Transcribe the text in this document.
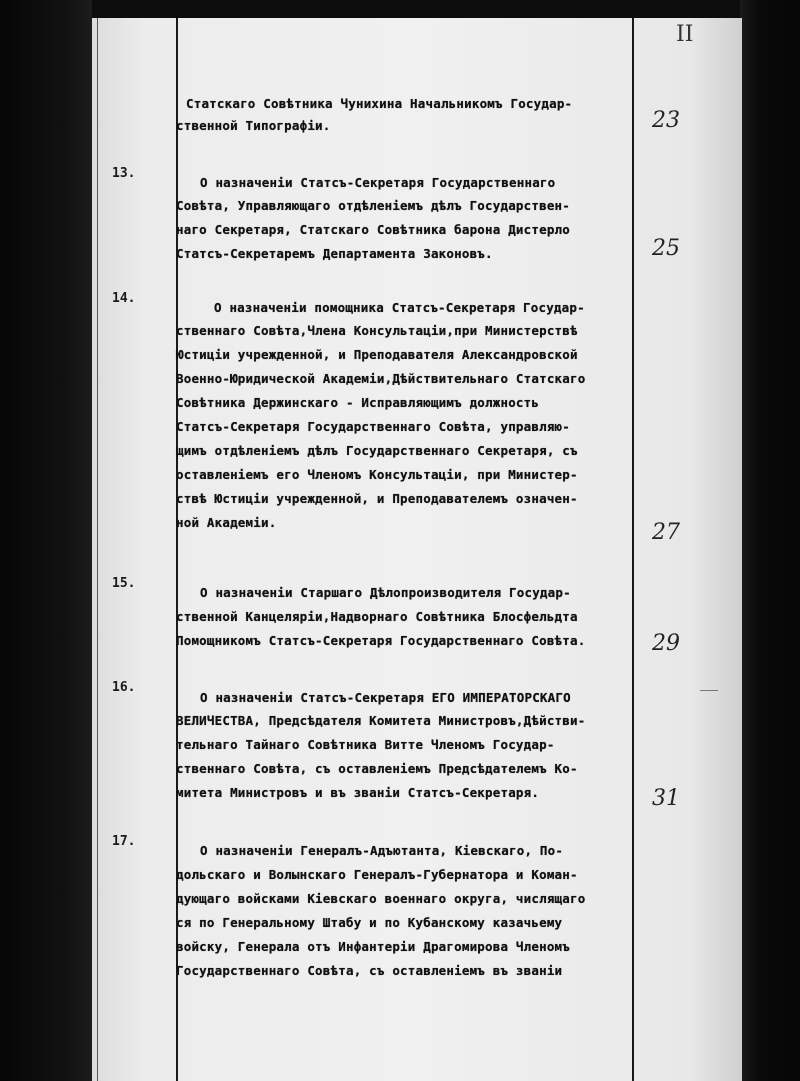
II
Статскаго Совѣтника Чунихина Начальникомъ Государ-
ственной Типографіи.	23
13.
О назначеніи Статсъ-Секретаря Государственнаго
Совѣта, Управляющаго отдѣленіемъ дѣлъ Государствен-
наго Секретаря, Статскаго Совѣтника барона Дистерло
Статсъ-Секретаремъ Департамента Законовъ.	25
14.
О назначеніи помощника Статсъ-Секретаря Государ-
ственнаго Совѣта,Члена Консультаціи,при Министерствѣ
Юстиціи учрежденной, и Преподавателя Александровской
Военно-Юридической Академіи,Дѣйствительнаго Статскаго
Совѣтника Держинскаго - Исправляющимъ должность
Статсъ-Секретаря Государственнаго Совѣта, управляю-
щимъ отдѣленіемъ дѣлъ Государственнаго Секретаря, съ
оставленіемъ его Членомъ Консультаціи, при Министер-
ствѣ Юстиціи учрежденной, и Преподавателемъ означен-
ной Академіи.	27
15.
О назначеніи Старшаго Дѣлопроизводителя Государ-
ственной Канцеляріи,Надворнаго Совѣтника Блосфельдта
Помощникомъ Статсъ-Секретаря Государственнаго Совѣта.	29
16.
О назначеніи Статсъ-Секретаря ЕГО ИМПЕРАТОРСКАГО
ВЕЛИЧЕСТВА, Предсѣдателя Комитета Министровъ,Дѣйстви-
тельнаго Тайнаго Совѣтника Витте Членомъ Государ-
ственнаго Совѣта, съ оставленіемъ Предсѣдателемъ Ко-
митета Министровъ и въ званіи Статсъ-Секретаря.	31
17.
О назначеніи Генералъ-Адъютанта, Кіевскаго, По-
дольскаго и Волынскаго Генералъ-Губернатора и Коман-
дующаго войсками Кіевскаго военнаго округа, числящаго
ся по Генеральному Штабу и по Кубанскому казачьему
войску, Генерала отъ Инфантеріи Драгомирова Членомъ
Государственнаго Совѣта, съ оставленіемъ въ званіи
